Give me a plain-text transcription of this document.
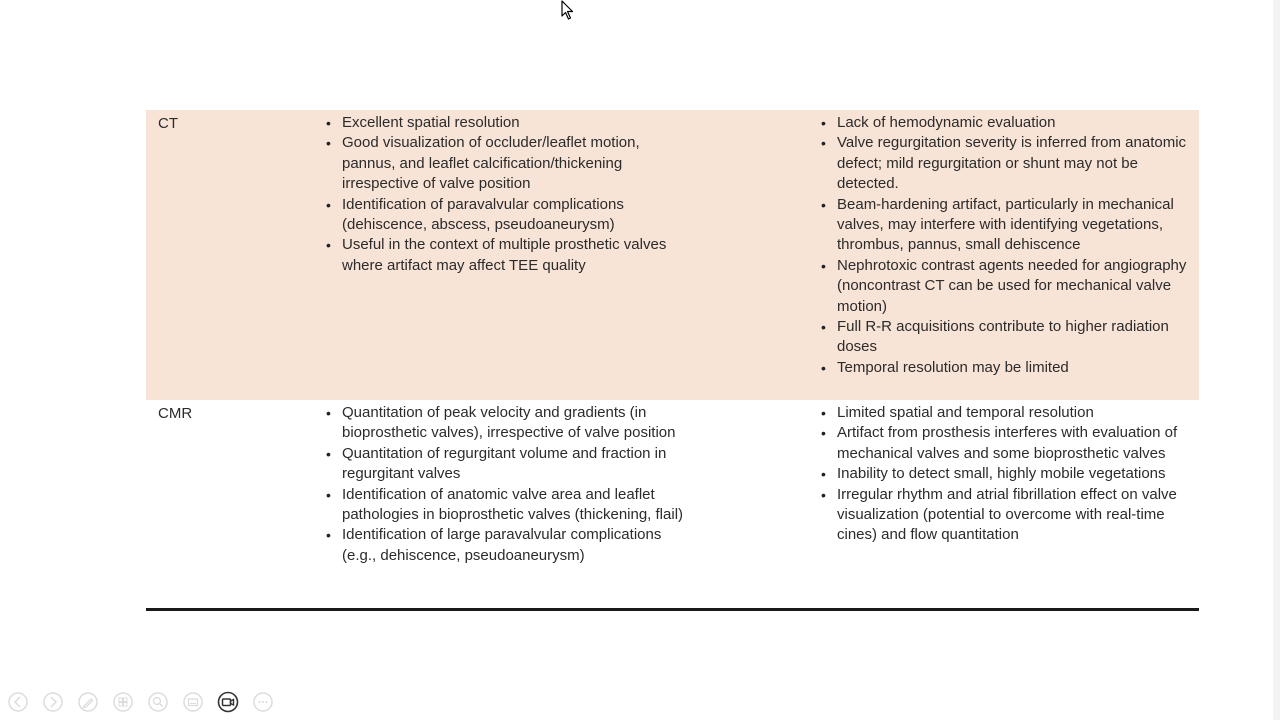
CT	• Excellent spatial resolution
• Good visualization of occluder/leaflet motion, pannus, and leaflet calcification/thickening irrespective of valve position
• Identification of paravalvular complications (dehiscence, abscess, pseudoaneurysm)
• Useful in the context of multiple prosthetic valves where artifact may affect TEE quality
• Lack of hemodynamic evaluation
• Valve regurgitation severity is inferred from anatomic defect; mild regurgitation or shunt may not be detected.
• Beam-hardening artifact, particularly in mechanical valves, may interfere with identifying vegetations, thrombus, pannus, small dehiscence
• Nephrotoxic contrast agents needed for angiography (noncontrast CT can be used for mechanical valve motion)
• Full R-R acquisitions contribute to higher radiation doses
• Temporal resolution may be limited
CMR	• Quantitation of peak velocity and gradients (in bioprosthetic valves), irrespective of valve position
• Quantitation of regurgitant volume and fraction in regurgitant valves
• Identification of anatomic valve area and leaflet pathologies in bioprosthetic valves (thickening, flail)
• Identification of large paravalvular complications (e.g., dehiscence, pseudoaneurysm)
• Limited spatial and temporal resolution
• Artifact from prosthesis interferes with evaluation of mechanical valves and some bioprosthetic valves
• Inability to detect small, highly mobile vegetations
• Irregular rhythm and atrial fibrillation effect on valve visualization (potential to overcome with real-time cines) and flow quantitation
